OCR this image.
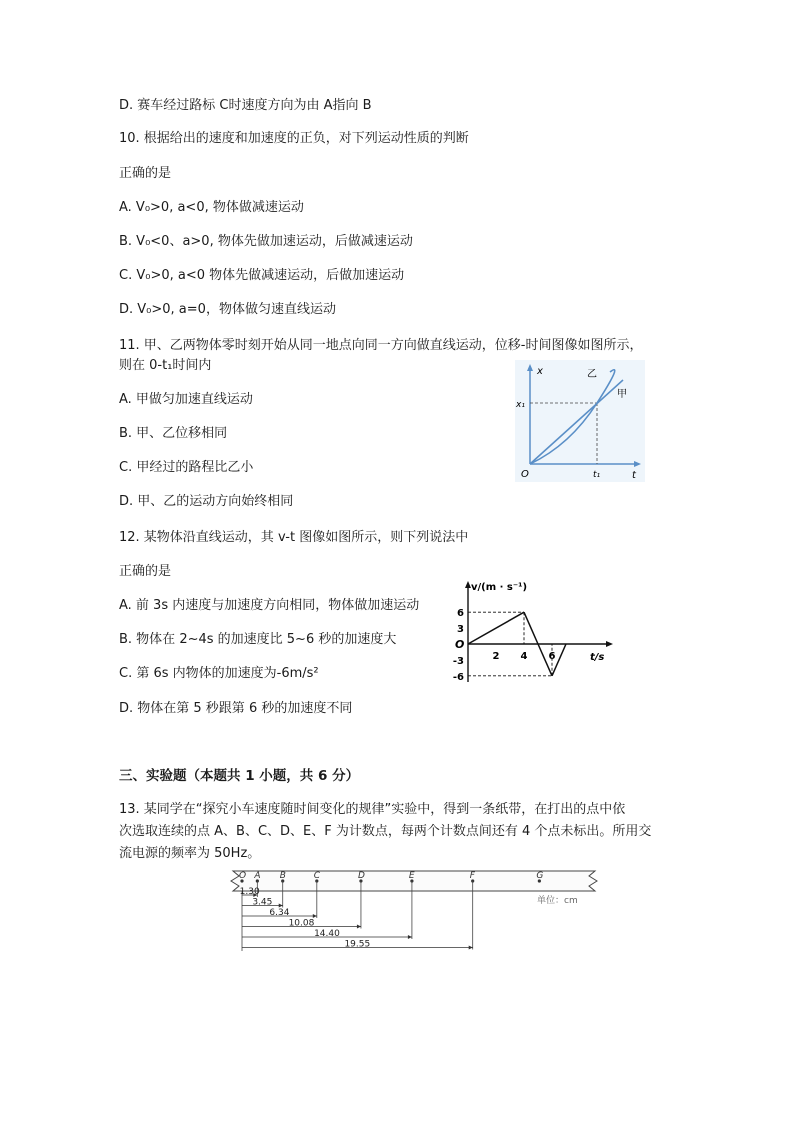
D. 赛车经过路标 C时速度方向为由 A指向 B
10. 根据给出的速度和加速度的正负，对下列运动性质的判断
正确的是
A. V₀>0, a<0, 物体做减速运动
B. V₀<0、a>0, 物体先做加速运动，后做减速运动
C. V₀>0, a<0 物体先做减速运动，后做加速运动
D. V₀>0, a=0，物体做匀速直线运动
11. 甲、乙两物体零时刻开始从同一地点向同一方向做直线运动，位移-时间图像如图所示，
则在 0-t₁时间内
A. 甲做匀加速直线运动
B. 甲、乙位移相同
C. 甲经过的路程比乙小
D. 甲、乙的运动方向始终相同
x
t
O
x₁
t₁
乙
甲
12. 某物体沿直线运动，其 v-t 图像如图所示，则下列说法中
正确的是
A. 前 3s 内速度与加速度方向相同，物体做加速运动
B. 物体在 2~4s 的加速度比 5~6 秒的加速度大
C. 第 6s 内物体的加速度为-6m/s²
D. 物体在第 5 秒跟第 6 秒的加速度不同
v/(m · s⁻¹)
t/s
O
6
3
-3
-6
2 4 6
三、实验题（本题共 1 小题，共 6 分）
13. 某同学在“探究小车速度随时间变化的规律”实验中，得到一条纸带，在打出的点中依
次选取连续的点 A、B、C、D、E、F 为计数点，每两个计数点间还有 4 个点未标出。所用交
流电源的频率为 50Hz。
O A B	C	D	E	F	G
单位：cm
1.30
3.45
6.34
10.08
14.40
19.55
